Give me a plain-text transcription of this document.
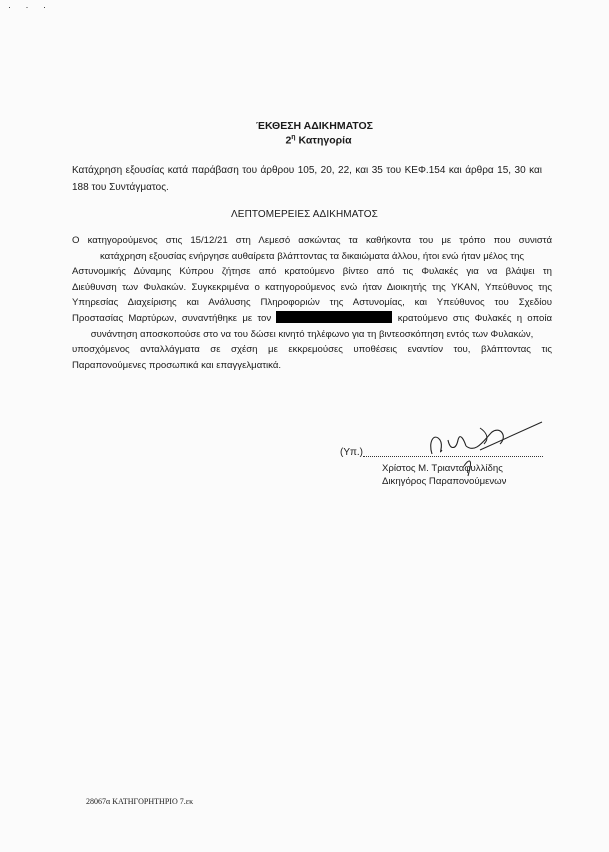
· · ·
ΈΚΘΕΣΗ ΑΔΙΚΗΜΑΤΟΣ
$2^\eta$ Κατηγορία
Κατάχρηση εξουσίας κατά παράβαση του άρθρου 105, 20, 22, και 35 του ΚΕΦ.154 και άρθρα 15, 30 και 188 του Συντάγματος.
ΛΕΠΤΟΜΕΡΕΙΕΣ ΑΔΙΚΗΜΑΤΟΣ
Ο κατηγορούμενος στις 15/12/21 στη Λεμεσό ασκώντας τα καθήκοντα του με τρόπο που συνιστά
κατάχρηση εξουσίας ενήργησε αυθαίρετα βλάπτοντας τα δικαιώματα άλλου, ήτοι ενώ ήταν μέλος της
Αστυνομικής Δύναμης Κύπρου ζήτησε από κρατούμενο βίντεο από τις Φυλακές για να βλάψει τη
Διεύθυνση των Φυλακών. Συγκεκριμένα ο κατηγορούμενος ενώ ήταν Διοικητής της ΥΚΑΝ, Υπεύθυνος της
Υπηρεσίας Διαχείρισης και Ανάλυσης Πληροφοριών της Αστυνομίας, και Υπεύθυνος του Σχεδίου
Προστασίας Μαρτύρων, συναντήθηκε με τον	κρατούμενο στις Φυλακές η οποία
συνάντηση αποσκοπούσε στο να του δώσει κινητό τηλέφωνο για τη βιντεοσκόπηση εντός των Φυλακών,
υποσχόμενος ανταλλάγματα σε σχέση με εκκρεμούσες υποθέσεις εναντίον του, βλάπτοντας τις
Παραπονούμενες προσωπικά και επαγγελματικά.
(Υπ.)
Χρίστος Μ. Τριανταφυλλίδης
Δικηγόρος Παραπονούμενων
28067α ΚΑΤΗΓΟΡΗΤΗΡΙΟ 7.εκ
